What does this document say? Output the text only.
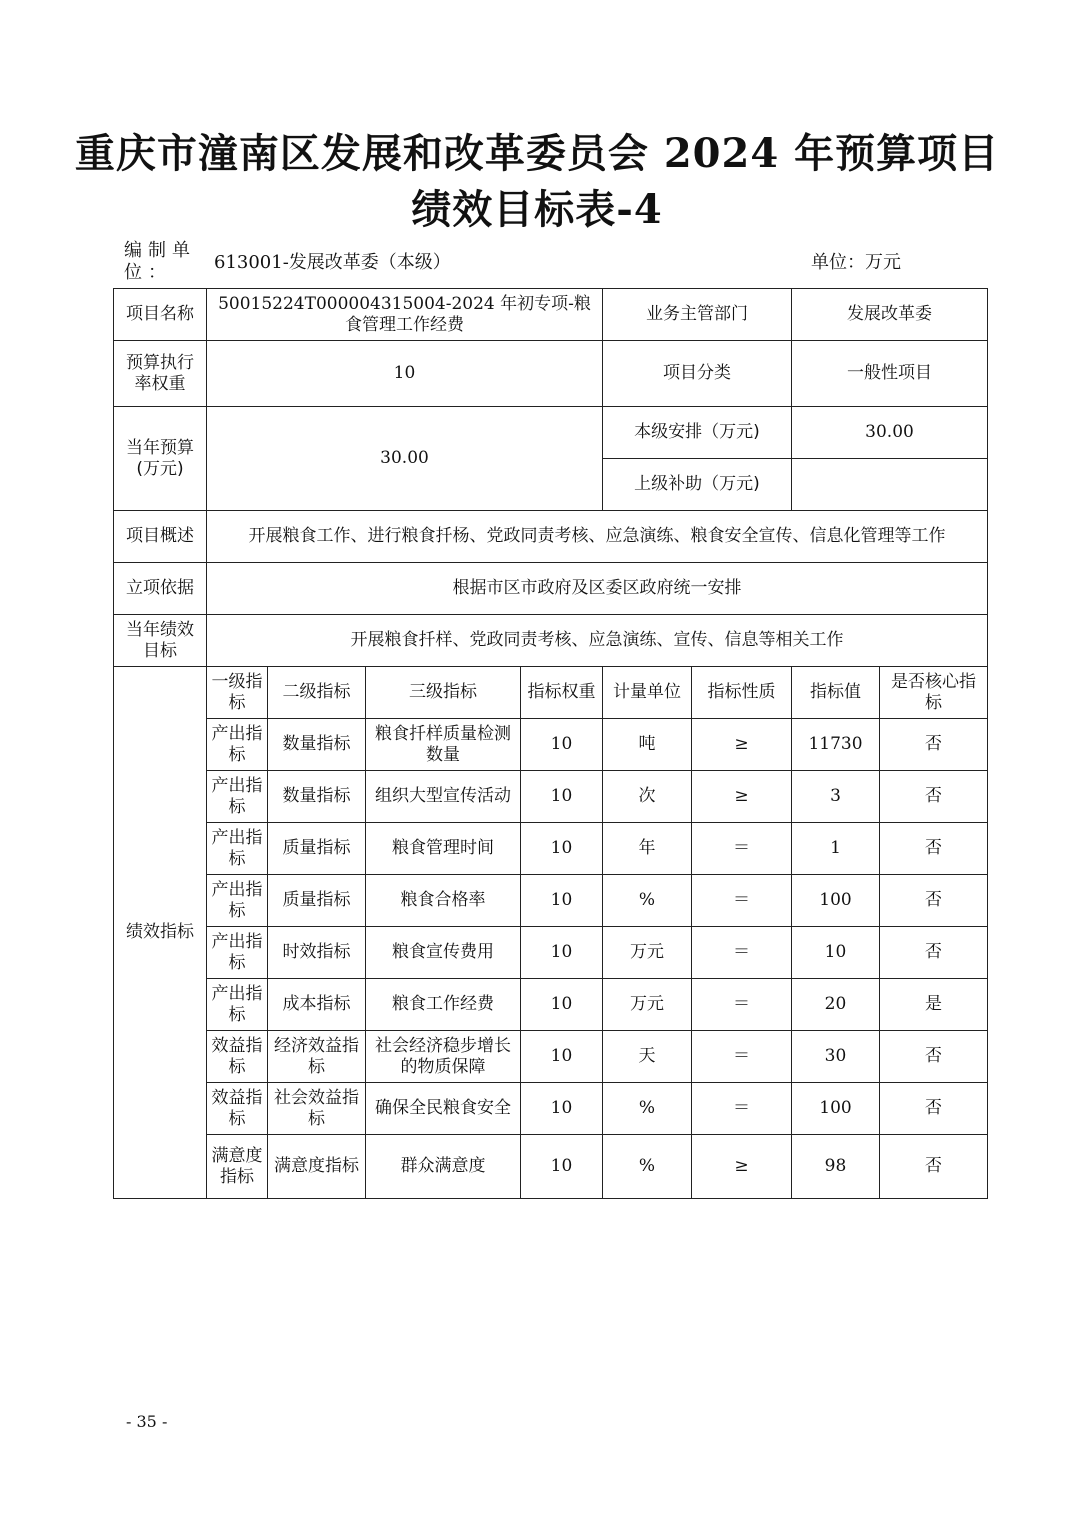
重庆市潼南区发展和改革委员会 2024 年预算项目
绩效目标表-4
编制单位：	613001-发展改革委（本级）	单位：万元
项目名称	50015224T000004315004-2024 年初专项-粮食管理工作经费				业务主管部门		发展改革委	
预算执行率权重	10				项目分类		一般性项目	
当年预算(万元)	30.00				本级安排（万元)		30.00	
					上级补助（万元)			
项目概述	开展粮食工作、进行粮食扦杨、党政同责考核、应急演练、粮食安全宣传、信息化管理等工作							
立项依据	根据市区市政府及区委区政府统一安排							
当年绩效目标	开展粮食扦样、党政同责考核、应急演练、宣传、信息等相关工作							
绩效指标	一级指标	二级指标	三级指标	指标权重	计量单位	指标性质	指标值	是否核心指标
	产出指标	数量指标	粮食扦样质量检测数量	10	吨	≥	11730	否
	产出指标	数量指标	组织大型宣传活动	10	次	≥	3	否
	产出指标	质量指标	粮食管理时间	10	年	＝	1	否
	产出指标	质量指标	粮食合格率	10	%	＝	100	否
	产出指标	时效指标	粮食宣传费用	10	万元	＝	10	否
	产出指标	成本指标	粮食工作经费	10	万元	＝	20	是
	效益指标	经济效益指标	社会经济稳步增长的物质保障	10	天	＝	30	否
	效益指标	社会效益指标	确保全民粮食安全	10	%	＝	100	否
	满意度指标	满意度指标	群众满意度	10	%	≥	98	否
- 35 -
